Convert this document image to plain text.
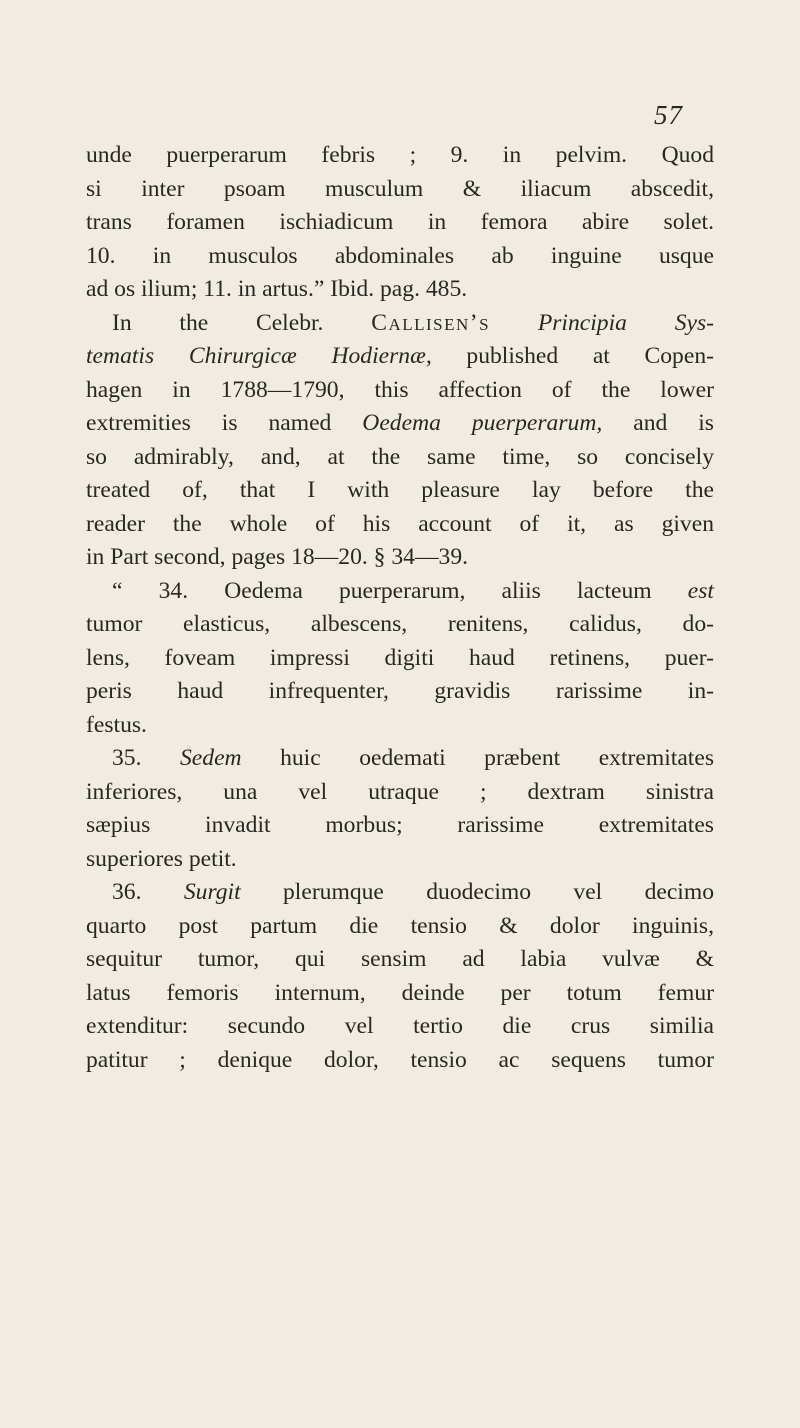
57
unde puerperarum febris ; 9. in pelvim. Quod
si inter psoam musculum & iliacum abscedit,
trans foramen ischiadicum in femora abire solet.
10. in musculos abdominales ab inguine usque
ad os ilium; 11. in artus.” Ibid. pag. 485.
In the Celebr. Callisen’s Principia Sys-
tematis Chirurgicæ Hodiernæ, published at Copen-
hagen in 1788—1790, this affection of the lower
extremities is named Oedema puerperarum, and is
so admirably, and, at the same time, so concisely
treated of, that I with pleasure lay before the
reader the whole of his account of it, as given
in Part second, pages 18—20. § 34—39.
“ 34. Oedema puerperarum, aliis lacteum est
tumor elasticus, albescens, renitens, calidus, do-
lens, foveam impressi digiti haud retinens, puer-
peris haud infrequenter, gravidis rarissime in-
festus.
35. Sedem huic oedemati præbent extremitates
inferiores, una vel utraque ; dextram sinistra
sæpius invadit morbus; rarissime extremitates
superiores petit.
36. Surgit plerumque duodecimo vel decimo
quarto post partum die tensio & dolor inguinis,
sequitur tumor, qui sensim ad labia vulvæ &
latus femoris internum, deinde per totum femur
extenditur: secundo vel tertio die crus similia
patitur ; denique dolor, tensio ac sequens tumor
